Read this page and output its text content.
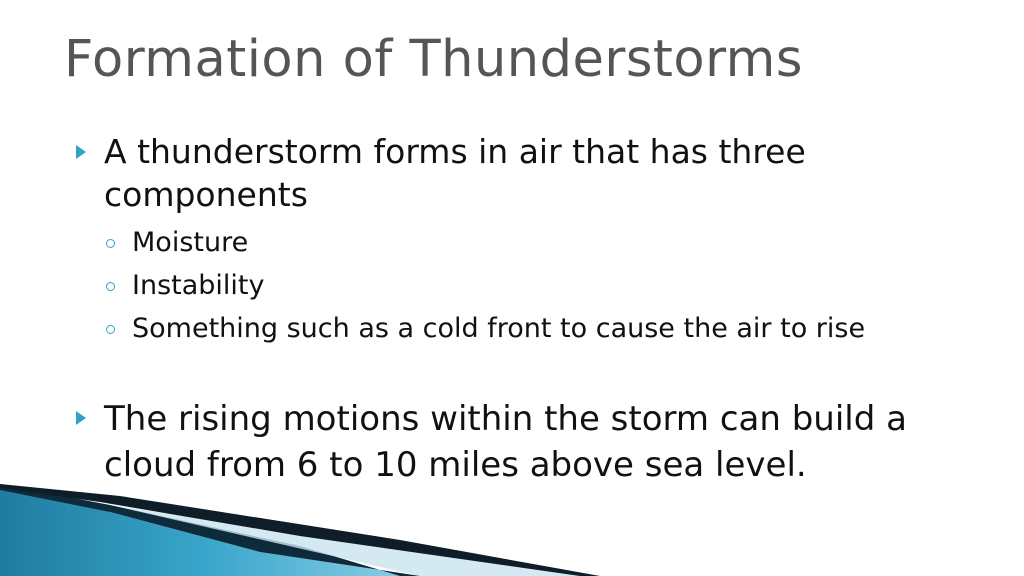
Formation of Thunderstorms
A thunderstorm forms in air that has three components
Moisture
Instability
Something such as a cold front to cause the air to rise
The rising motions within the storm can build a cloud from 6 to 10 miles above sea level.
